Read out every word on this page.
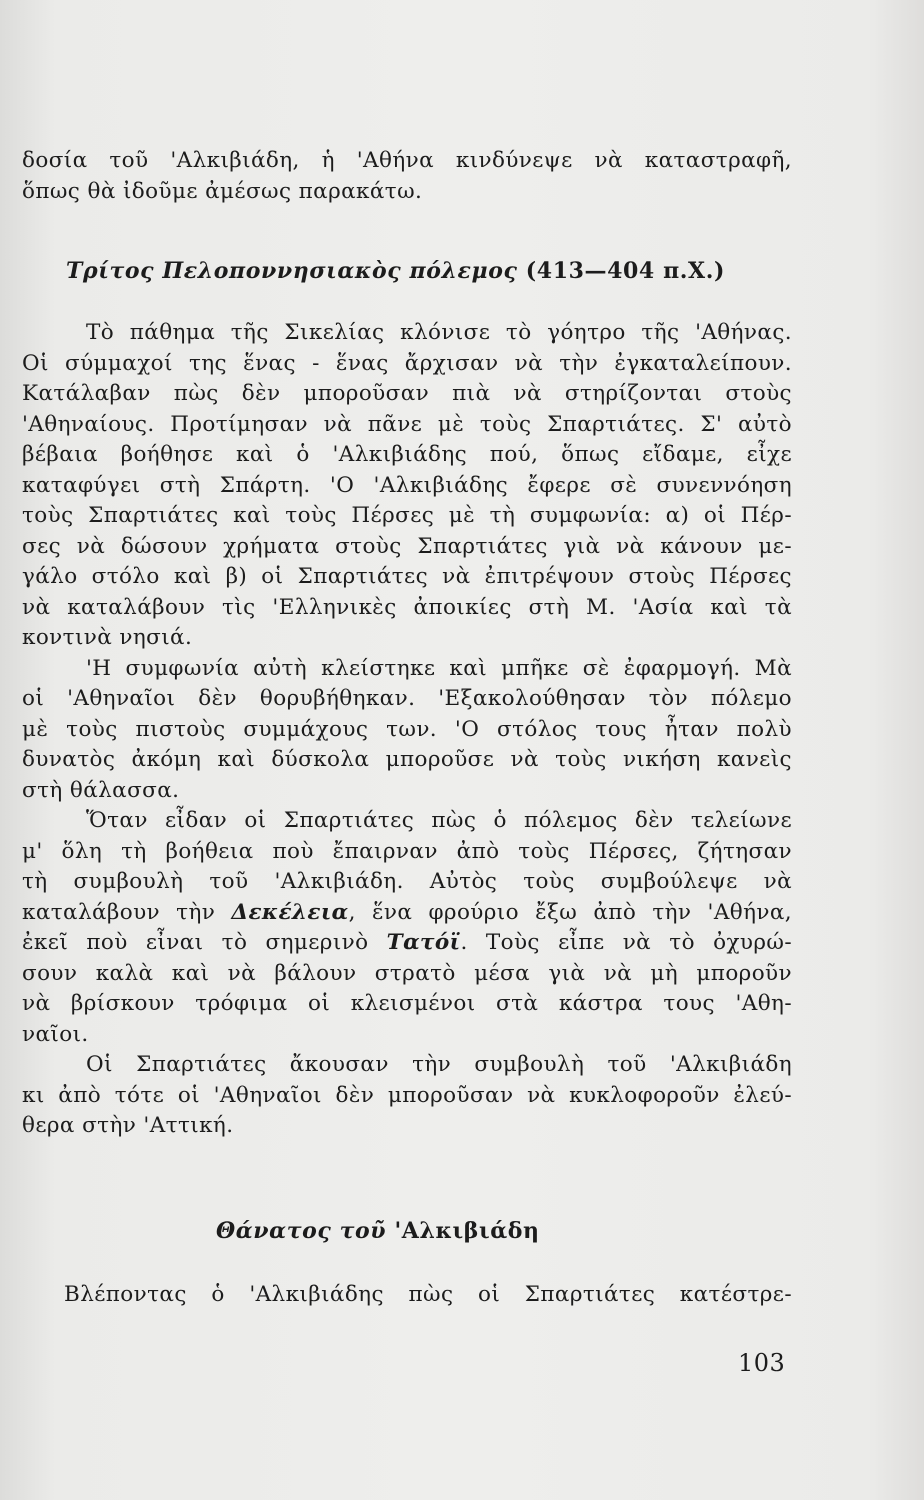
δοσία τοῦ 'Αλκιβιάδη, ἡ 'Αθήνα κινδύνεψε νὰ καταστραφῆ,
ὅπως θὰ ἰδοῦμε ἀμέσως παρακάτω.
Τρίτος Πελοποννησιακὸς πόλεμος (413—404 π.Χ.)
Τὸ πάθημα τῆς Σικελίας κλόνισε τὸ γόητρο τῆς 'Αθήνας.
Οἱ σύμμαχοί της ἕνας - ἕνας ἄρχισαν νὰ τὴν ἐγκαταλείπουν.
Κατάλαβαν πὼς δὲν μποροῦσαν πιὰ νὰ στηρίζονται στοὺς
'Αθηναίους. Προτίμησαν νὰ πᾶνε μὲ τοὺς Σπαρτιάτες. Σ' αὐτὸ
βέβαια βοήθησε καὶ ὁ 'Αλκιβιάδης πού, ὅπως εἴδαμε, εἶχε
καταφύγει στὴ Σπάρτη. 'Ο 'Αλκιβιάδης ἔφερε σὲ συνεννόηση
τοὺς Σπαρτιάτες καὶ τοὺς Πέρσες μὲ τὴ συμφωνία: α) οἱ Πέρ-
σες νὰ δώσουν χρήματα στοὺς Σπαρτιάτες γιὰ νὰ κάνουν με-
γάλο στόλο καὶ β) οἱ Σπαρτιάτες νὰ ἐπιτρέψουν στοὺς Πέρσες
νὰ καταλάβουν τὶς 'Ελληνικὲς ἀποικίες στὴ Μ. 'Ασία καὶ τὰ
κοντινὰ νησιά.
'Η συμφωνία αὐτὴ κλείστηκε καὶ μπῆκε σὲ ἐφαρμογή. Μὰ
οἱ 'Αθηναῖοι δὲν θορυβήθηκαν. 'Εξακολούθησαν τὸν πόλεμο
μὲ τοὺς πιστοὺς συμμάχους των. 'Ο στόλος τους ἦταν πολὺ
δυνατὸς ἀκόμη καὶ δύσκολα μποροῦσε νὰ τοὺς νικήση κανεὶς
στὴ θάλασσα.
Ὅταν εἶδαν οἱ Σπαρτιάτες πὼς ὁ πόλεμος δὲν τελείωνε
μ' ὅλη τὴ βοήθεια ποὺ ἔπαιρναν ἀπὸ τοὺς Πέρσες, ζήτησαν
τὴ συμβουλὴ τοῦ 'Αλκιβιάδη. Αὐτὸς τοὺς συμβούλεψε νὰ
καταλάβουν τὴν Δεκέλεια, ἕνα φρούριο ἔξω ἀπὸ τὴν 'Αθήνα,
ἐκεῖ ποὺ εἶναι τὸ σημερινὸ Τατόϊ. Τοὺς εἶπε νὰ τὸ ὀχυρώ-
σουν καλὰ καὶ νὰ βάλουν στρατὸ μέσα γιὰ νὰ μὴ μποροῦν
νὰ βρίσκουν τρόφιμα οἱ κλεισμένοι στὰ κάστρα τους 'Αθη-
ναῖοι.
Οἱ Σπαρτιάτες ἄκουσαν τὴν συμβουλὴ τοῦ 'Αλκιβιάδη
κι ἀπὸ τότε οἱ 'Αθηναῖοι δὲν μποροῦσαν νὰ κυκλοφοροῦν ἐλεύ-
θερα στὴν 'Αττική.
Θάνατος τοῦ 'Αλκιβιάδη
Βλέποντας ὁ 'Αλκιβιάδης πὼς οἱ Σπαρτιάτες κατέστρε-
103
